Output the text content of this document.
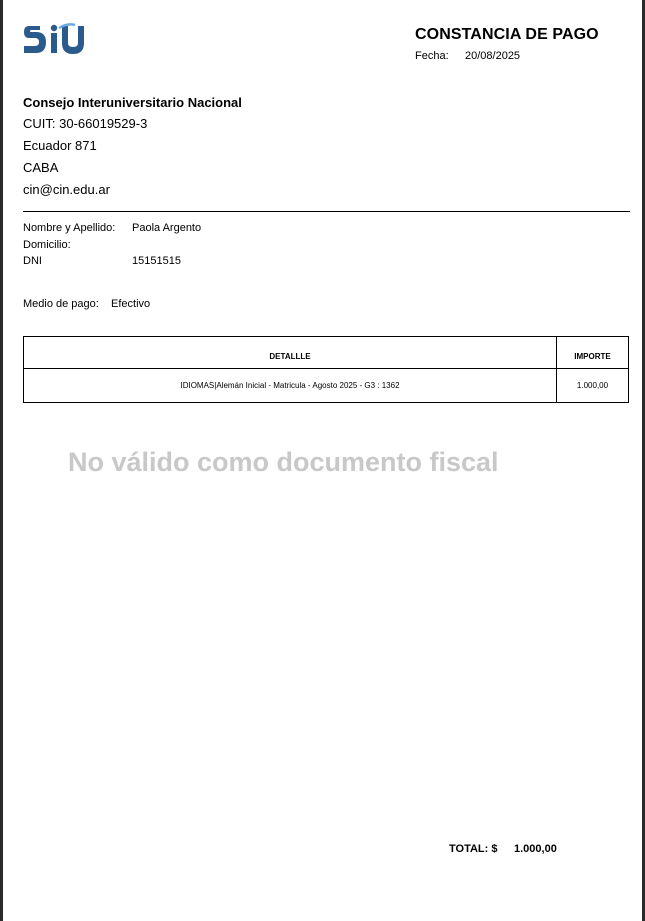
CONSTANCIA DE PAGO
Fecha: 20/08/2025
Consejo Interuniversitario Nacional
CUIT: 30-66019529-3
Ecuador 871
CABA
cin@cin.edu.ar
Nombre y Apellido: Paola Argento
Domicilio:
DNI	15151515
Medio de pago: Efectivo
DETALLLE	IMPORTE
IDIOMAS|Alemán Inicial - Matricula - Agosto 2025 - G3 : 1362	1.000,00
No válido como documento fiscal
TOTAL: $ 1.000,00
